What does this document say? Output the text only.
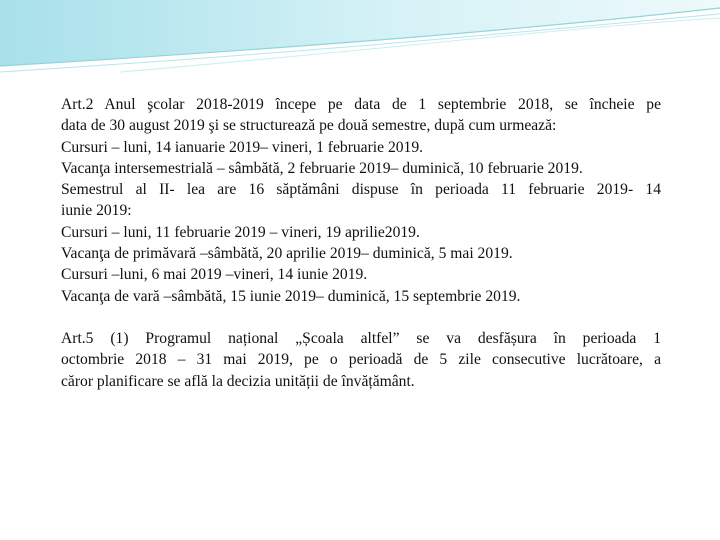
Art.2 Anul şcolar 2018-2019 începe pe data de 1 septembrie 2018, se încheie pe
data de 30 august 2019 şi se structurează pe două semestre, după cum urmează:
Cursuri – luni, 14 ianuarie 2019– vineri, 1 februarie 2019.
Vacanţa intersemestrială – sâmbătă, 2 februarie 2019– duminică, 10 februarie 2019.
Semestrul al II- lea are 16 săptămâni dispuse în perioada 11 februarie 2019- 14
iunie 2019:
Cursuri – luni, 11 februarie 2019 – vineri, 19 aprilie2019.
Vacanţa de primăvară –sâmbătă, 20 aprilie 2019– duminică, 5 mai 2019.
Cursuri –luni, 6 mai 2019 –vineri, 14 iunie 2019.
Vacanţa de vară –sâmbătă, 15 iunie 2019– duminică, 15 septembrie 2019.
Art.5 (1) Programul național „Școala altfel” se va desfășura în perioada 1
octombrie 2018 – 31 mai 2019, pe o perioadă de 5 zile consecutive lucrătoare, a
căror planificare se află la decizia unității de învățământ.
